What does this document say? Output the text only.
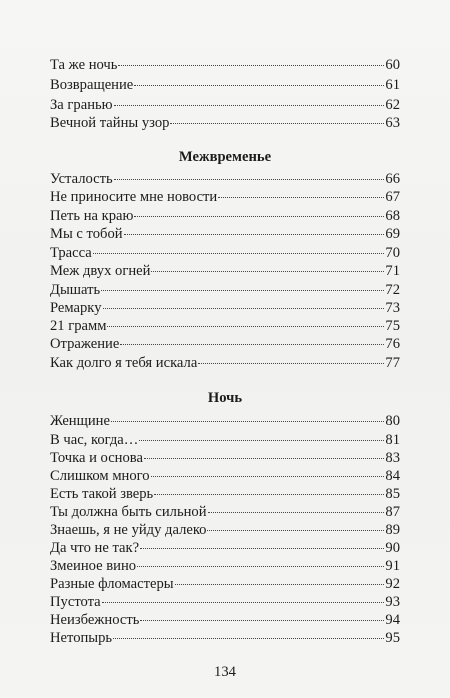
Та же ночь	60
Возвращение	61
За гранью	62
Вечной тайны узор	63
Межвременье
Усталость	66
Не приносите мне новости	67
Петь на краю	68
Мы с тобой	69
Трасса	70
Меж двух огней	71
Дышать	72
Ремарку	73
21 грамм	75
Отражение	76
Как долго я тебя искала	77
Ночь
Женщине	80
В час, когда…	81
Точка и основа	83
Слишком много	84
Есть такой зверь	85
Ты должна быть сильной	87
Знаешь, я не уйду далеко	89
Да что не так?	90
Змеиное вино	91
Разные фломастеры	92
Пустота	93
Неизбежность	94
Нетопырь	95
134
